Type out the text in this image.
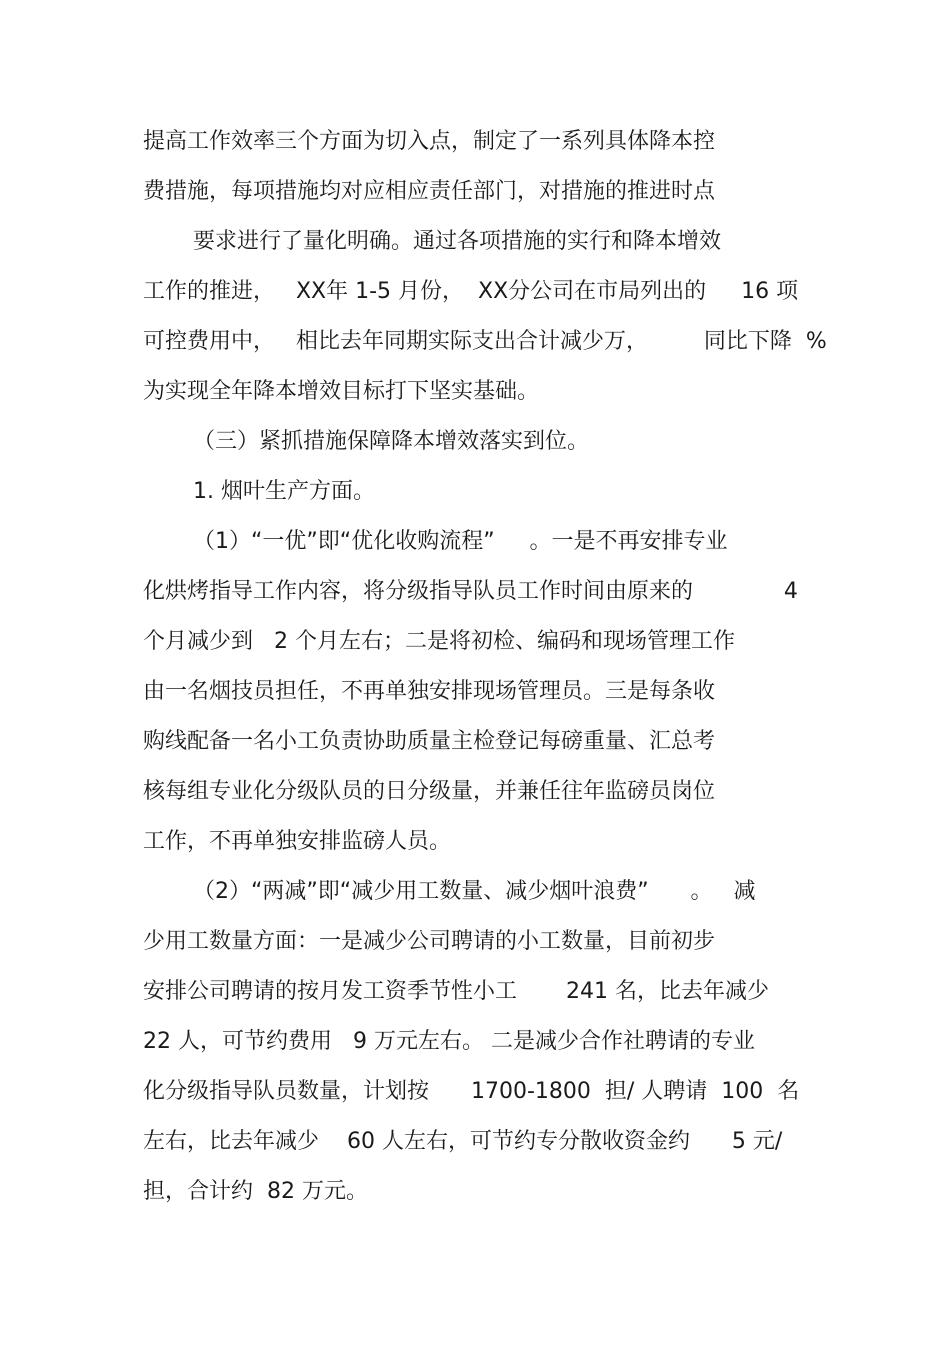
提高工作效率三个方面为切入点，制定了一系列具体降本控
费措施，每项措施均对应相应责任部门，对措施的推进时点
要求进行了量化明确。通过各项措施的实行和降本增效
工作的推进，   XX年 1-5 月份，  XX分公司在市局列出的     16 项
可控费用中，   相比去年同期实际支出合计减少万，        同比下降  %
为实现全年降本增效目标打下坚实基础。
（三）紧抓措施保障降本增效落实到位。
1. 烟叶生产方面。
（1）“一优”即“优化收购流程”     。一是不再安排专业
化烘烤指导工作内容，将分级指导队员工作时间由原来的             4
个月减少到   2 个月左右；二是将初检、编码和现场管理工作
由一名烟技员担任，不再单独安排现场管理员。三是每条收
购线配备一名小工负责协助质量主检登记每磅重量、汇总考
核每组专业化分级队员的日分级量，并兼任往年监磅员岗位
工作，不再单独安排监磅人员。
（2）“两减”即“减少用工数量、减少烟叶浪费”      。   减
少用工数量方面：一是减少公司聘请的小工数量，目前初步
安排公司聘请的按月发工资季节性小工       241 名，比去年减少
22 人，可节约费用   9 万元左右。 二是减少合作社聘请的专业
化分级指导队员数量，计划按      1700-1800  担/ 人聘请  100  名
左右，比去年减少    60 人左右，可节约专分散收资金约      5 元/
担，合计约  82 万元。
